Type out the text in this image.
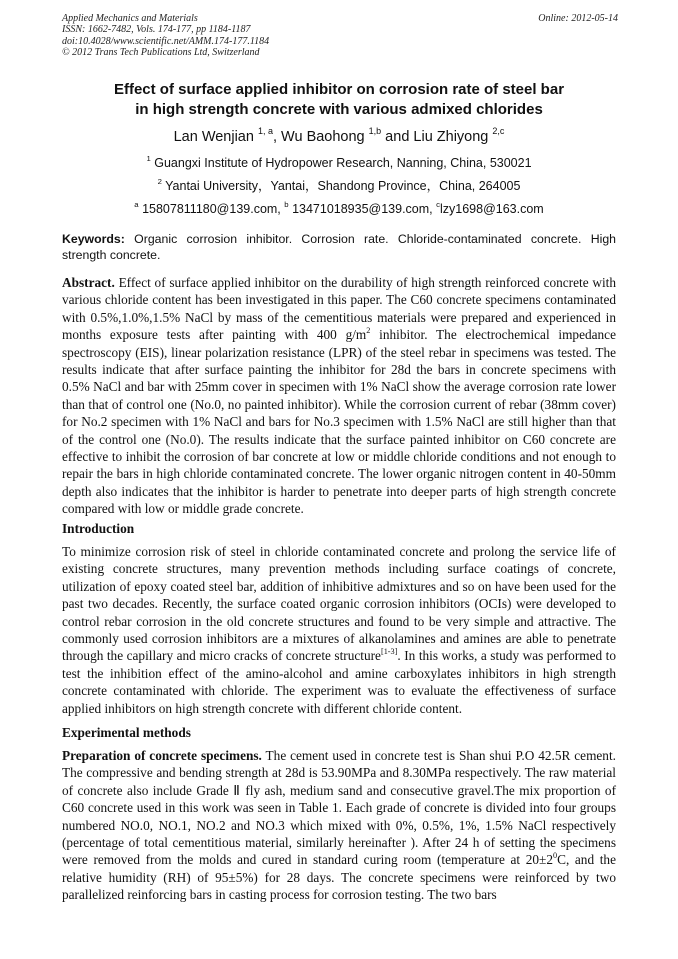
Applied Mechanics and Materials
ISSN: 1662-7482, Vols. 174-177, pp 1184-1187
doi:10.4028/www.scientific.net/AMM.174-177.1184
© 2012 Trans Tech Publications Ltd, Switzerland
Online: 2012-05-14
Effect of surface applied inhibitor on corrosion rate of steel bar
in high strength concrete with various admixed chlorides
Lan Wenjian $^{1, a}$, Wu Baohong $^{1,b}$ and Liu Zhiyong $^{2,c}$
$^1$ Guangxi Institute of Hydropower Research, Nanning, China, 530021
$^2$ Yantai University，Yantai，Shandong Province，China, 264005
$^a$ 15807811180@139.com, $^b$ 13471018935@139.com, $^c$lzy1698@163.com
Keywords: Organic corrosion inhibitor. Corrosion rate. Chloride-contaminated concrete. High strength concrete.
Abstract. Effect of surface applied inhibitor on the durability of high strength reinforced concrete with various chloride content has been investigated in this paper. The C60 concrete specimens contaminated with 0.5%,1.0%,1.5% NaCl by mass of the cementitious materials were prepared and experienced in months exposure tests after painting with 400 $g/m^2$ inhibitor. The electrochemical impedance spectroscopy (EIS), linear polarization resistance (LPR) of the steel rebar in specimens was tested. The results indicate that after surface painting the inhibitor for 28d the bars in concrete specimens with 0.5% NaCl and bar with 25mm cover in specimen with 1% NaCl show the average corrosion rate lower than that of control one (No.0, no painted inhibitor). While the corrosion current of rebar (38mm cover) for No.2 specimen with 1% NaCl and bars for No.3 specimen with 1.5% NaCl are still higher than that of the control one (No.0). The results indicate that the surface painted inhibitor on C60 concrete are effective to inhibit the corrosion of bar concrete at low or middle chloride conditions and not enough to repair the bars in high chloride contaminated concrete. The lower organic nitrogen content in 40-50mm depth also indicates that the inhibitor is harder to penetrate into deeper parts of high strength concrete compared with low or middle grade concrete.
Introduction
To minimize corrosion risk of steel in chloride contaminated concrete and prolong the service life of existing concrete structures, many prevention methods including surface coatings of concrete, utilization of epoxy coated steel bar, addition of inhibitive admixtures and so on have been used for the past two decades. Recently, the surface coated organic corrosion inhibitors (OCIs) were developed to control rebar corrosion in the old concrete structures and found to be very simple and attractive. The commonly used corrosion inhibitors are a mixtures of alkanolamines and amines are able to penetrate through the capillary and micro cracks of concrete structure[1-3]. In this works, a study was performed to test the inhibition effect of the amino-alcohol and amine carboxylates inhibitors in high strength concrete contaminated with chloride. The experiment was to evaluate the effectiveness of surface applied inhibitors on high strength concrete with different chloride content.
Experimental methods
Preparation of concrete specimens. The cement used in concrete test is Shan shui P.O 42.5R cement. The compressive and bending strength at 28d is 53.90MPa and 8.30MPa respectively. The raw material of concrete also include Grade Ⅱ fly ash, medium sand and consecutive gravel.The mix proportion of C60 concrete used in this work was seen in Table 1. Each grade of concrete is divided into four groups numbered NO.0, NO.1, NO.2 and NO.3 which mixed with 0%, 0.5%, 1%, 1.5% NaCl respectively (percentage of total cementitious material, similarly hereinafter ). After 24 h of setting the specimens were removed from the molds and cured in standard curing room (temperature at $20\pm 2^0C$, and the relative humidity (RH) of 95±5%) for 28 days. The concrete specimens were reinforced by two parallelized reinforcing bars in casting process for corrosion testing. The two bars
